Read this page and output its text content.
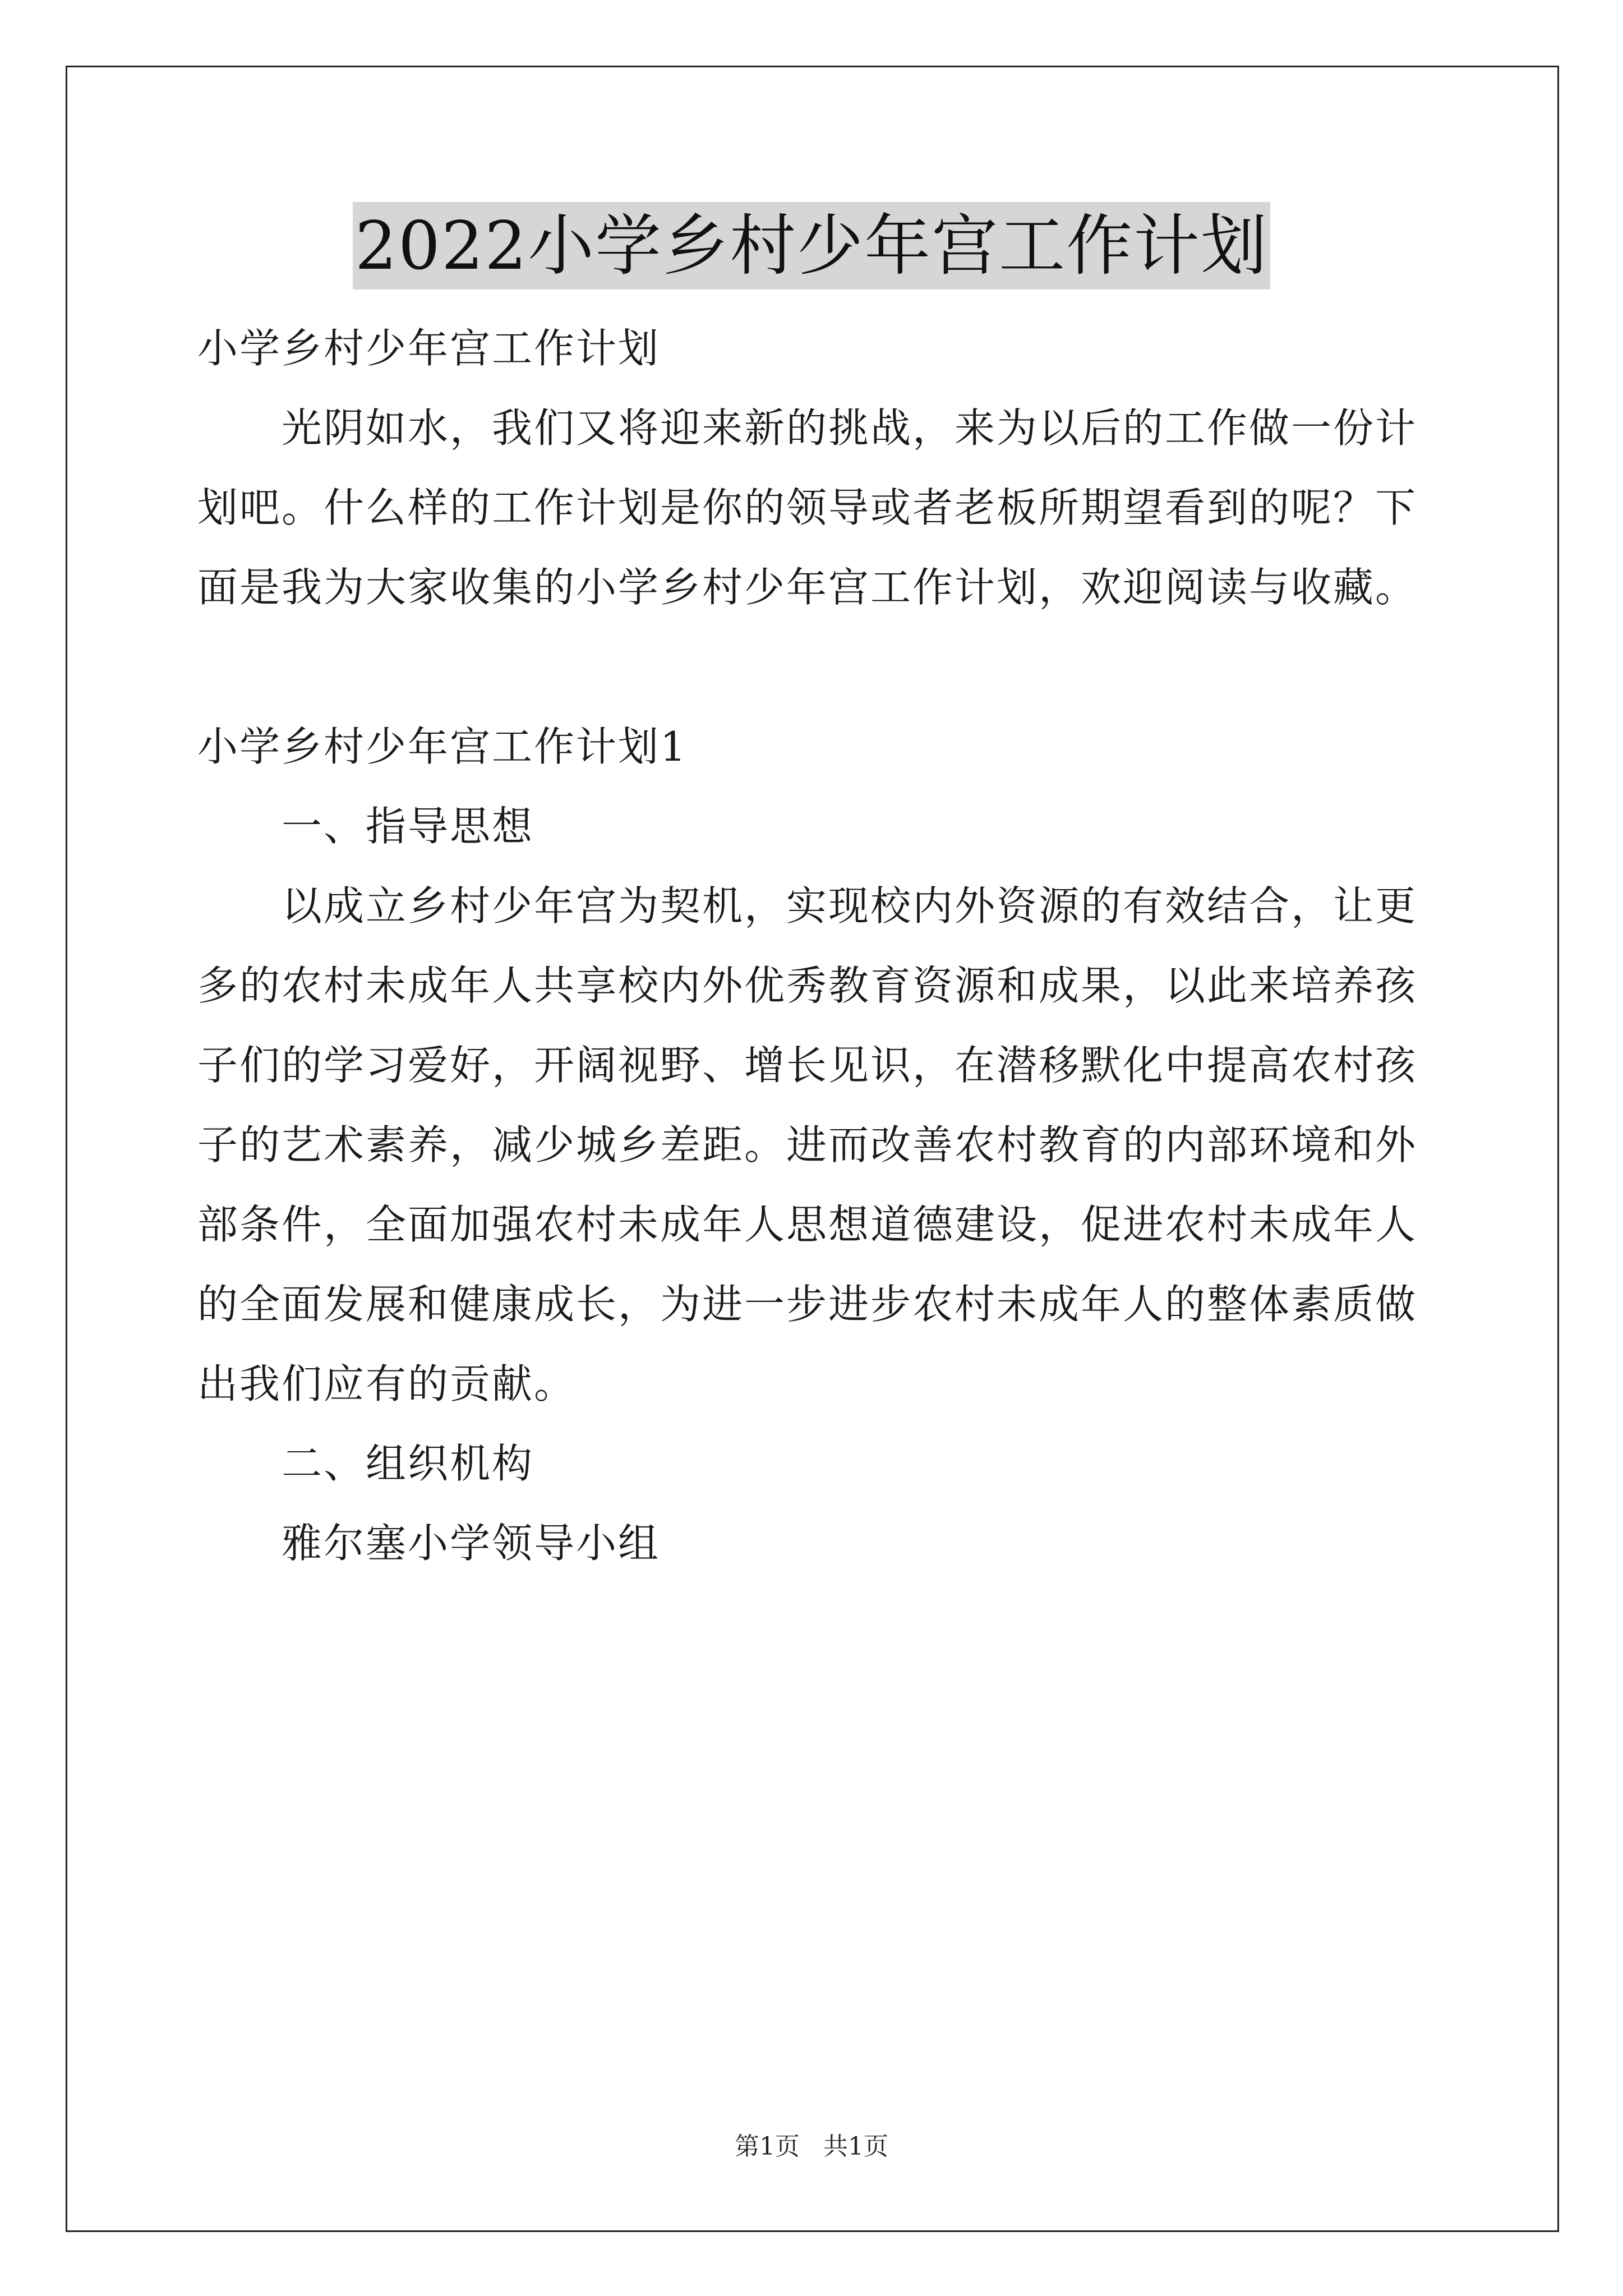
2022小学乡村少年宫工作计划

小学乡村少年宫工作计划

光阴如水，我们又将迎来新的挑战，来为以后的工作做一份计划吧。什么样的工作计划是你的领导或者老板所期望看到的呢？下面是我为大家收集的小学乡村少年宫工作计划，欢迎阅读与收藏。

小学乡村少年宫工作计划1

一、指导思想

以成立乡村少年宫为契机，实现校内外资源的有效结合，让更多的农村未成年人共享校内外优秀教育资源和成果，以此来培养孩子们的学习爱好，开阔视野、增长见识，在潜移默化中提高农村孩子的艺术素养，减少城乡差距。进而改善农村教育的内部环境和外部条件，全面加强农村未成年人思想道德建设，促进农村未成年人的全面发展和健康成长，为进一步进步农村未成年人的整体素质做出我们应有的贡献。

二、组织机构

雅尔塞小学领导小组

第1页   共1页
